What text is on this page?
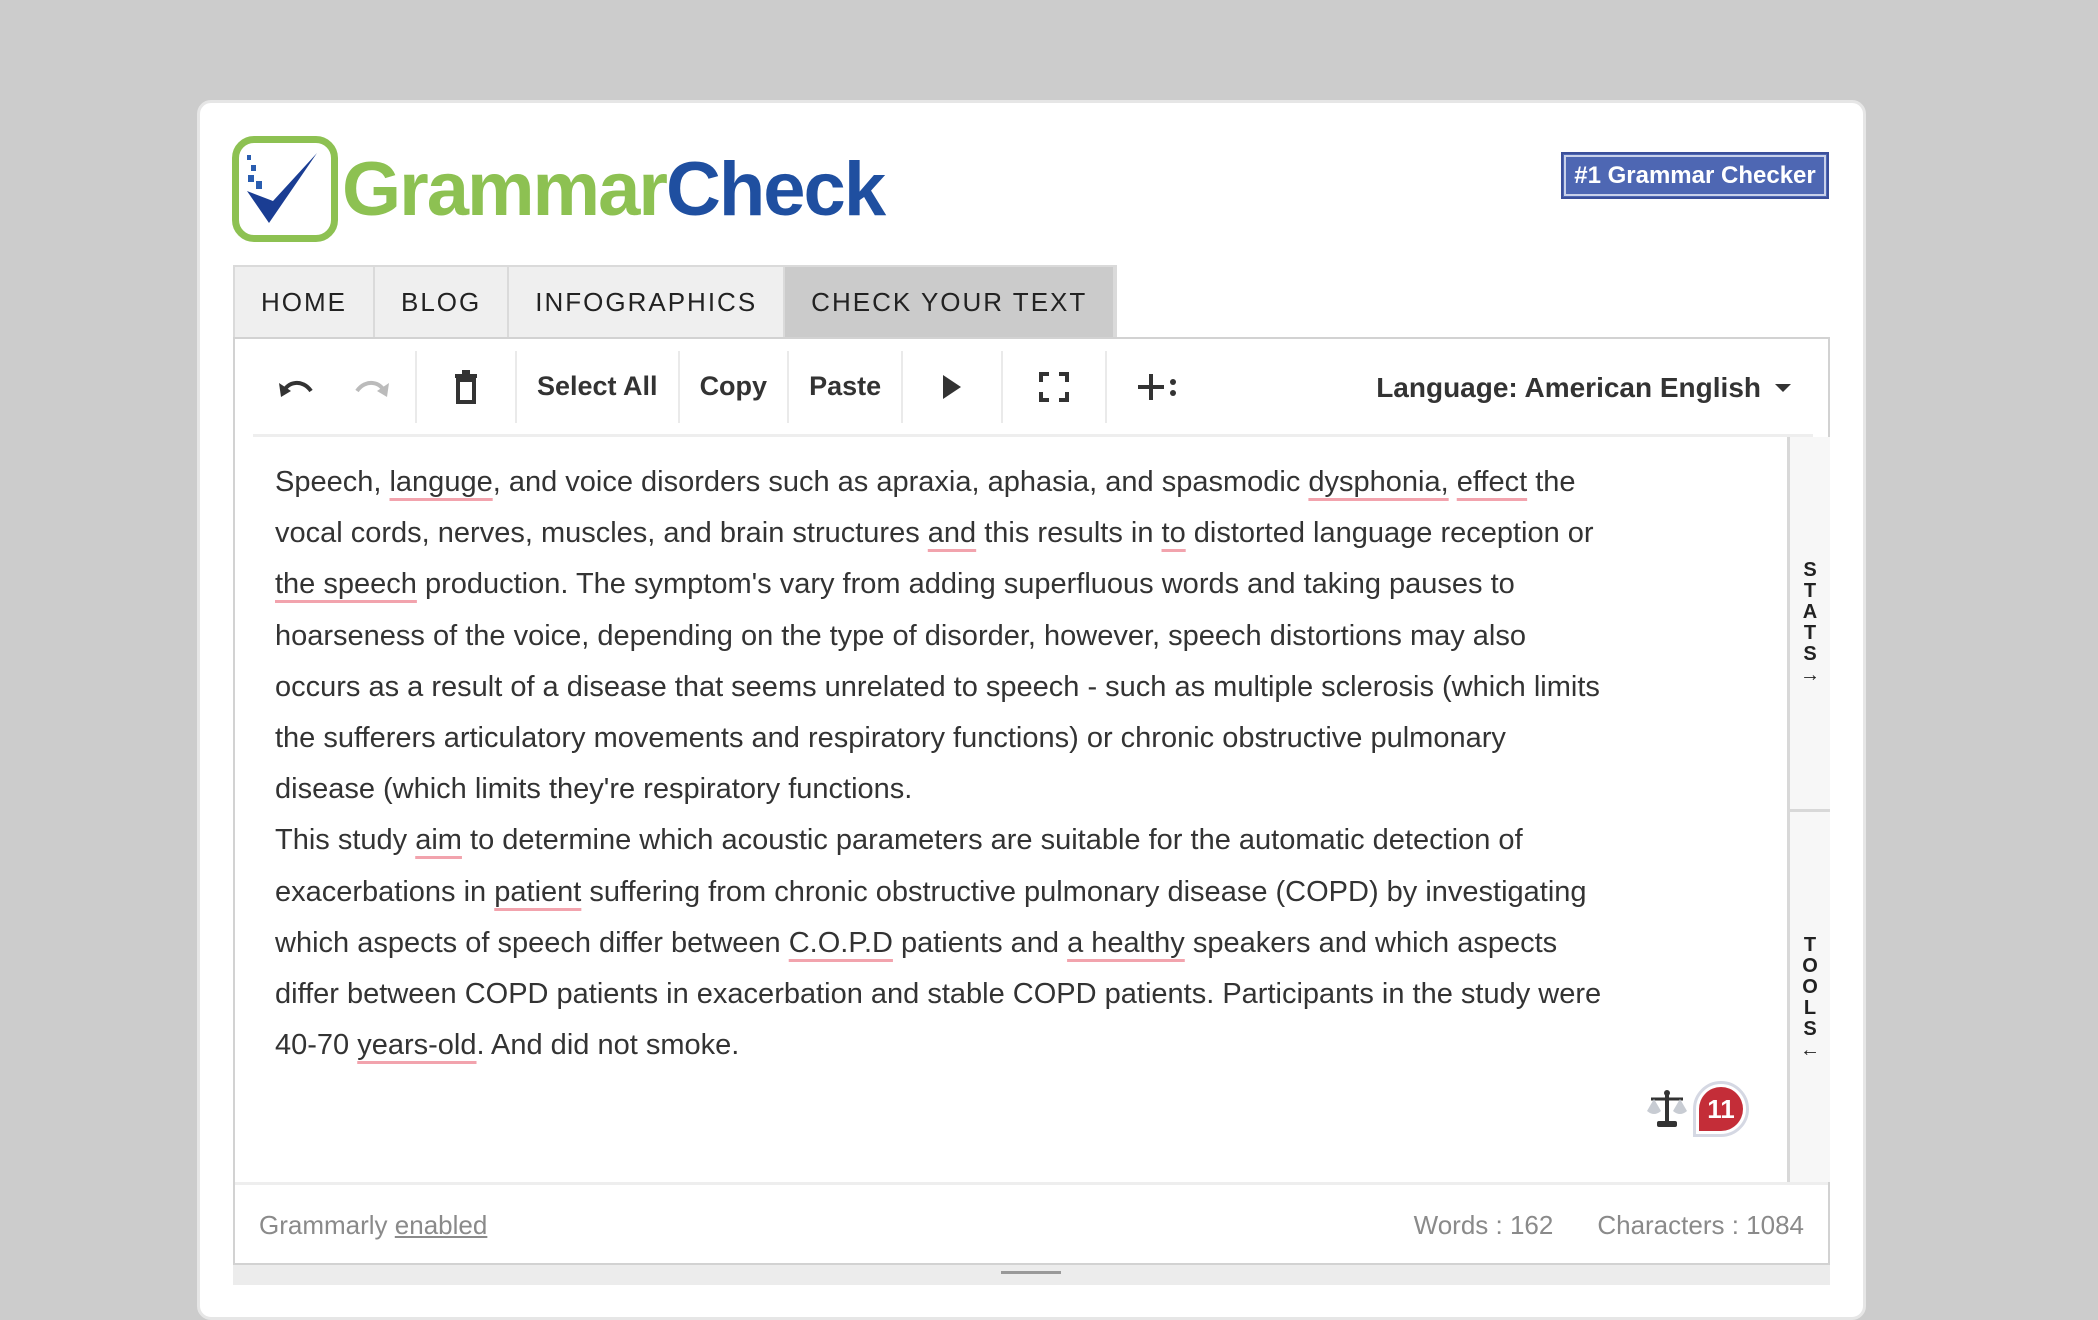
GrammarCheck	#1 Grammar Checker
HOME	BLOG	INFOGRAPHICS	CHECK YOUR TEXT
Select All	Copy	Paste	Language: American English
Speech, languge, and voice disorders such as apraxia, aphasia, and spasmodic dysphonia, effect the
vocal cords, nerves, muscles, and brain structures and this results in to distorted language reception or
the speech production. The symptom's vary from adding superfluous words and taking pauses to
hoarseness of the voice, depending on the type of disorder, however, speech distortions may also
occurs as a result of a disease that seems unrelated to speech - such as multiple sclerosis (which limits
the sufferers articulatory movements and respiratory functions) or chronic obstructive pulmonary
disease (which limits they're respiratory functions.
This study aim to determine which acoustic parameters are suitable for the automatic detection of
exacerbations in patient suffering from chronic obstructive pulmonary disease (COPD) by investigating
which aspects of speech differ between C.O.P.D patients and a healthy speakers and which aspects
differ between COPD patients in exacerbation and stable COPD patients. Participants in the study were
40-70 years-old. And did not smoke.
11
S
T
A
T
S
→
T
O
O
L
S
←
Grammarly enabled	Words : 162 Characters : 1084
